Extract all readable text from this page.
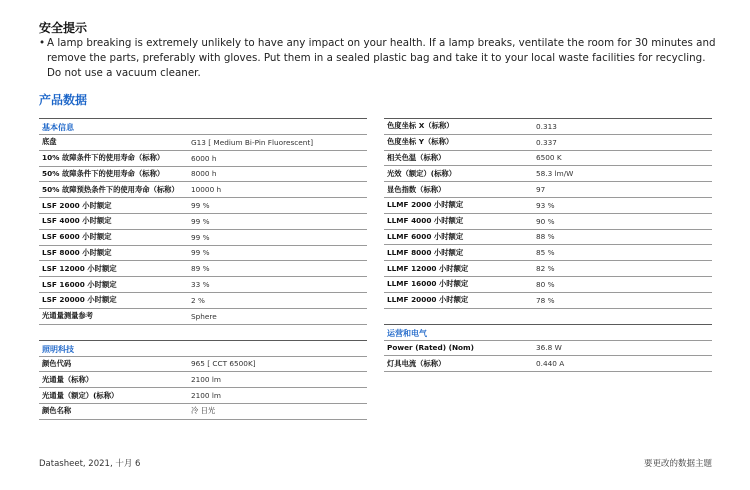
安全提示
• A lamp breaking is extremely unlikely to have any impact on your health. If a lamp breaks, ventilate the room for 30 minutes and remove the parts, preferably with gloves. Put them in a sealed plastic bag and take it to your local waste facilities for recycling. Do not use a vacuum cleaner.
产品数据
基本信息
底盘	G13 [ Medium Bi-Pin Fluorescent]
10% 故障条件下的使用寿命（标称）	6000 h
50% 故障条件下的使用寿命（标称）	8000 h
50% 故障预热条件下的使用寿命（标称）	10000 h
LSF 2000 小时额定	99 %
LSF 4000 小时额定	99 %
LSF 6000 小时额定	99 %
LSF 8000 小时额定	99 %
LSF 12000 小时额定	89 %
LSF 16000 小时额定	33 %
LSF 20000 小时额定	2 %
光通量测量参考	Sphere
照明科技
颜色代码	965 [ CCT 6500K]
光通量（标称）	2100 lm
光通量（额定）(标称）	2100 lm
颜色名称	冷 日光
色度坐标 X（标称）	0.313
色度坐标 Y（标称）	0.337
相关色温（标称）	6500 K
光效（额定）(标称）	58.3 lm/W
显色指数（标称）	97
LLMF 2000 小时额定	93 %
LLMF 4000 小时额定	90 %
LLMF 6000 小时额定	88 %
LLMF 8000 小时额定	85 %
LLMF 12000 小时额定	82 %
LLMF 16000 小时额定	80 %
LLMF 20000 小时额定	78 %
运营和电气
Power (Rated) (Nom)	36.8 W
灯具电流（标称）	0.440 A
Datasheet, 2021, 十月 6	要更改的数据主题
